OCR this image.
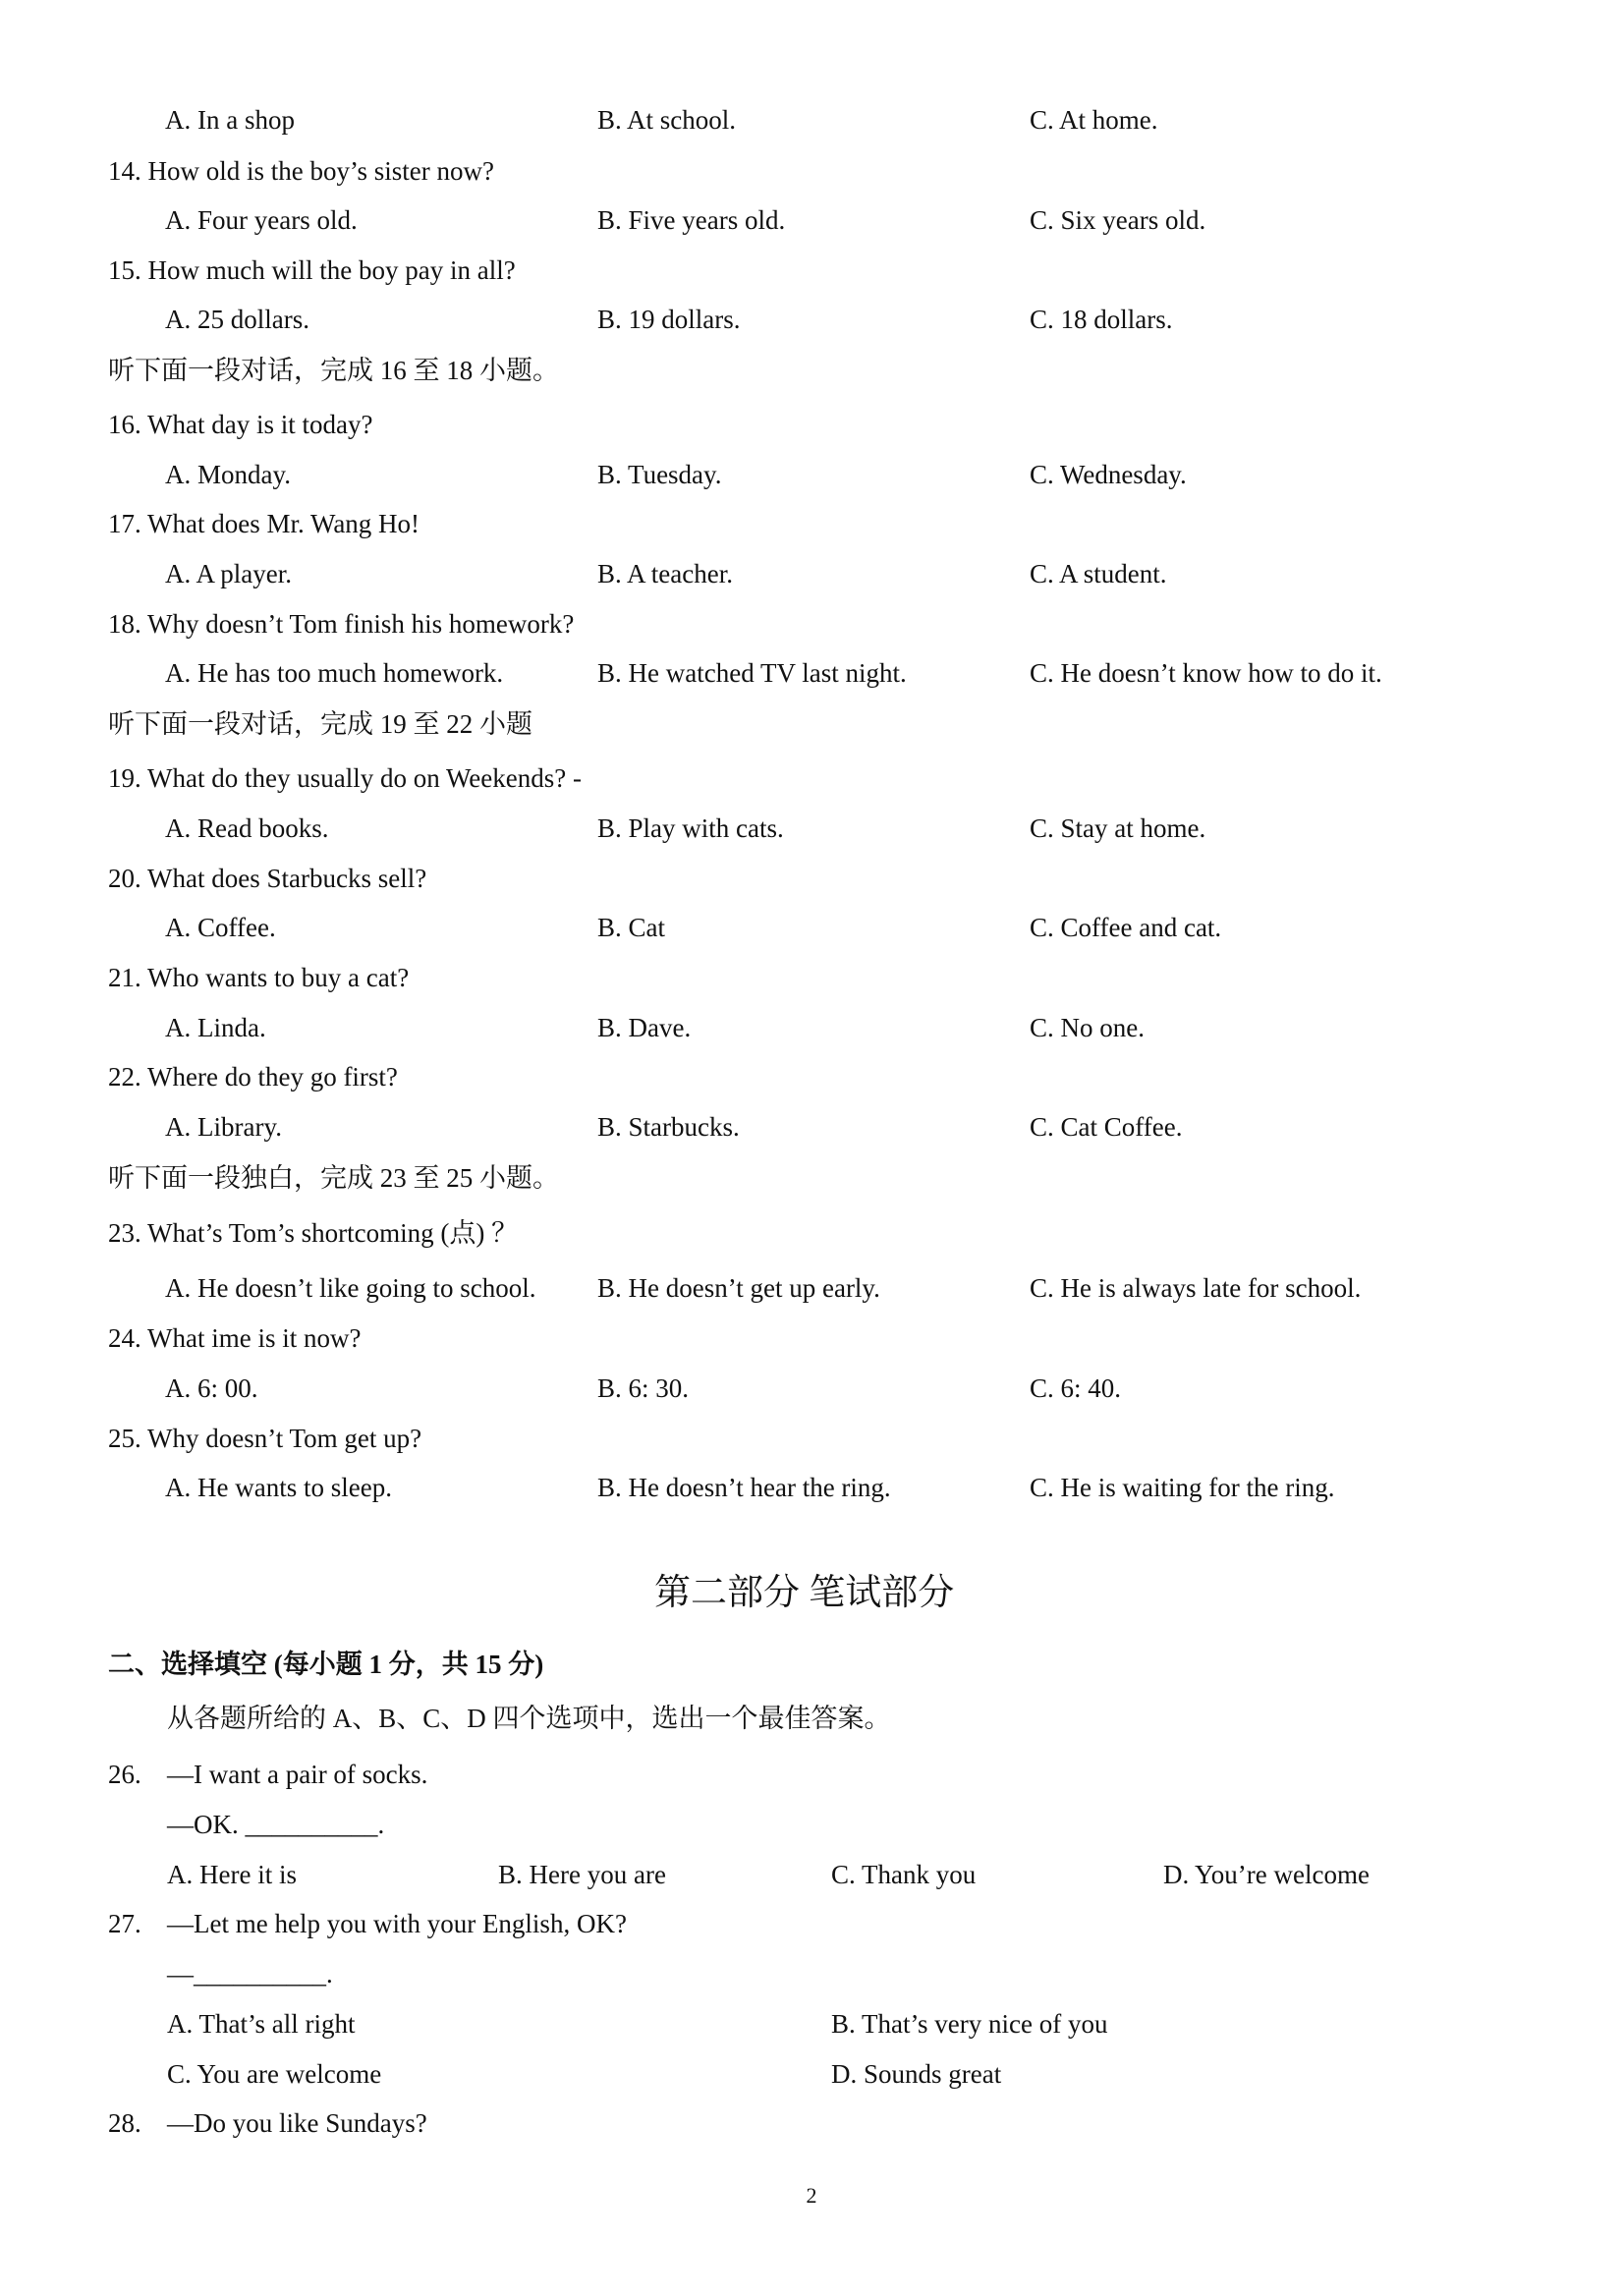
A. In a shop	B. At school.	C. At home.
14. How old is the boy’s sister now?
A. Four years old.	B. Five years old.	C. Six years old.
15. How much will the boy pay in all?
A. 25 dollars.	B. 19 dollars.	C. 18 dollars.
听下面一段对话，完成 16 至 18 小题。
16. What day is it today?
A. Monday.	B. Tuesday.	C. Wednesday.
17. What does Mr. Wang Ho!
A. A player.	B. A teacher.	C. A student.
18. Why doesn’t Tom finish his homework?
A. He has too much homework.	B. He watched TV last night.	C. He doesn’t know how to do it.
听下面一段对话，完成 19 至 22 小题
19. What do they usually do on Weekends? -
A. Read books.	B. Play with cats.	C. Stay at home.
20. What does Starbucks sell?
A. Coffee.	B. Cat	C. Coffee and cat.
21. Who wants to buy a cat?
A. Linda.	B. Dave.	C. No one.
22. Where do they go first?
A. Library.	B. Starbucks.	C. Cat Coffee.
听下面一段独白，完成 23 至 25 小题。
23. What’s Tom’s shortcoming (点) ？
A. He doesn’t like going to school. B. He doesn’t get up early.	C. He is always late for school.
24. What ime is it now?
A. 6: 00.	B. 6: 30.	C. 6: 40.
25. Why doesn’t Tom get up?
A. He wants to sleep.	B. He doesn’t hear the ring.	C. He is waiting for the ring.
第二部分 笔试部分
二、选择填空 (每小题 1 分，共 15 分)
从各题所给的 A、B、C、D 四个选项中，选出一个最佳答案。
26. —I want a pair of socks.
—OK. __________.
A. Here it is	B. Here you are	C. Thank you	D. You’re welcome
27. —Let me help you with your English, OK?
—__________.
A. That’s all right	B. That’s very nice of you
C. You are welcome	D. Sounds great
28. —Do you like Sundays?
2
